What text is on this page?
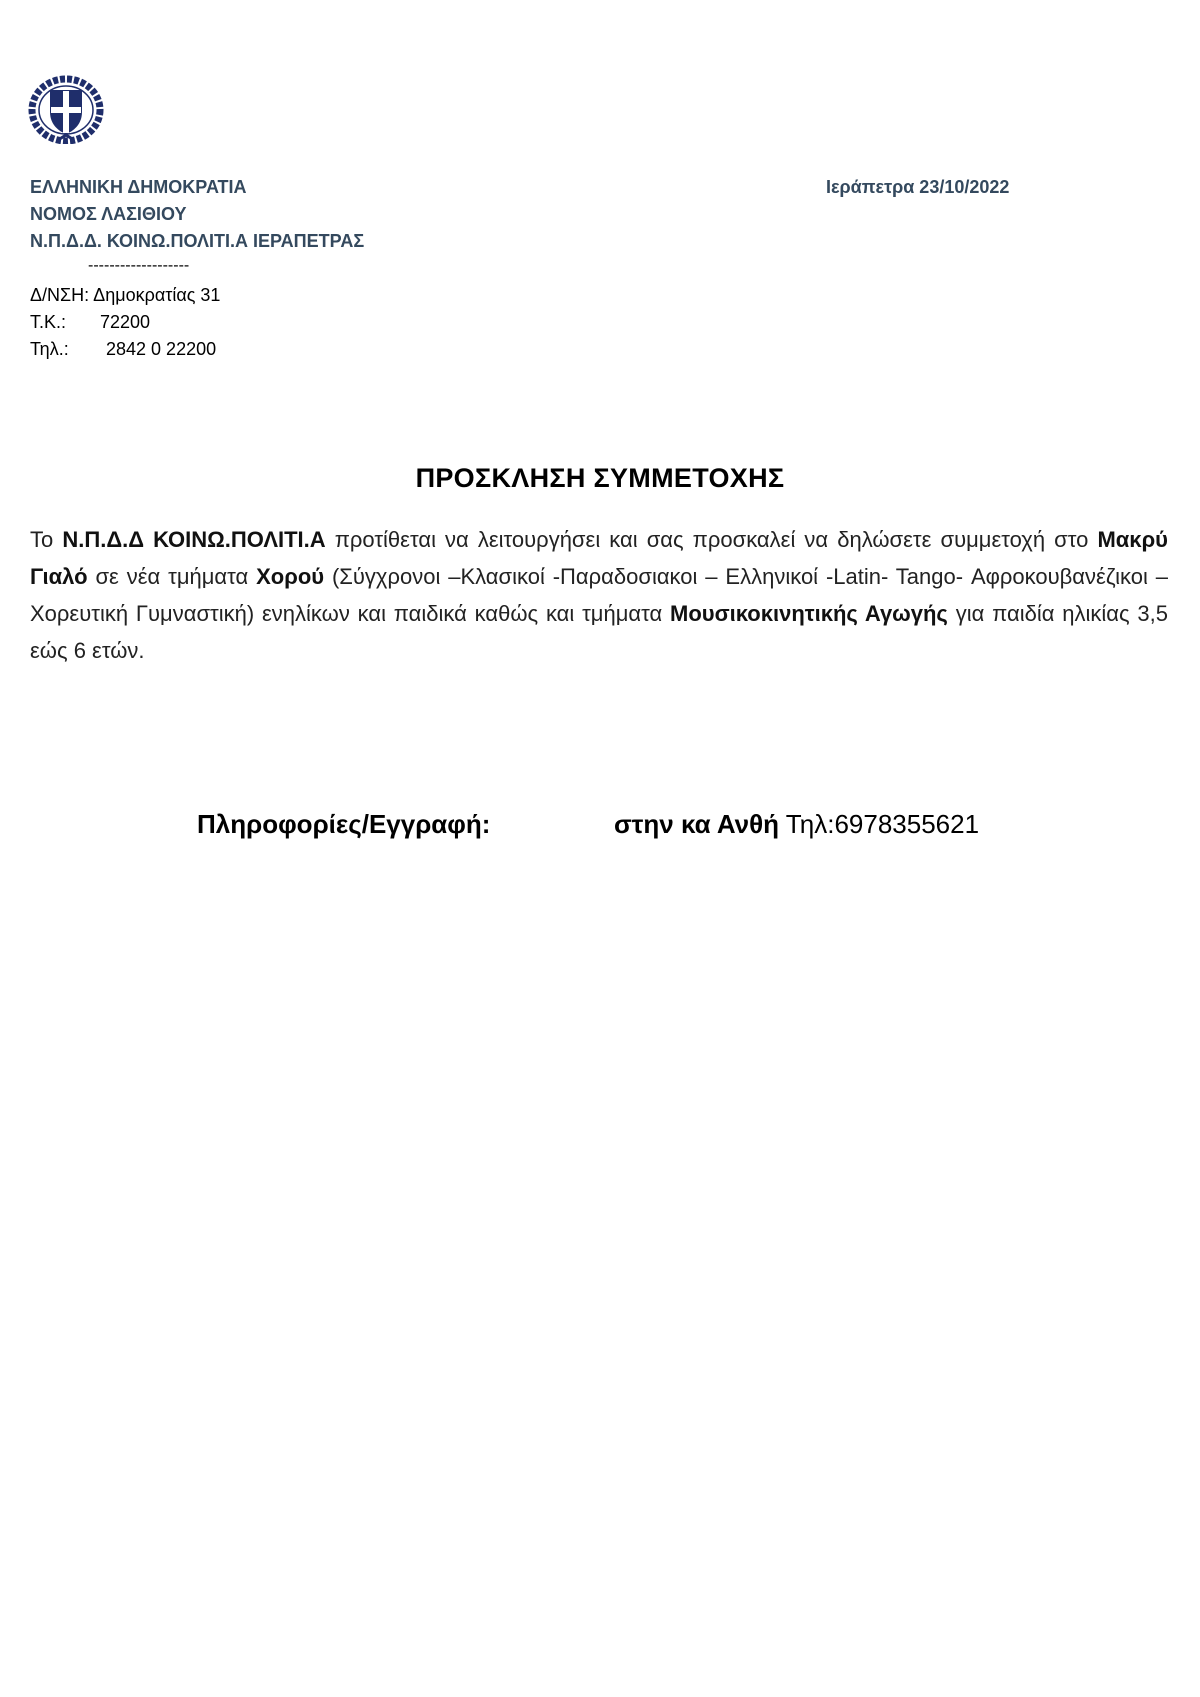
ΕΛΛΗΝΙΚΗ ΔΗΜΟΚΡΑΤΙΑ
ΝΟΜΟΣ ΛΑΣΙΘΙΟΥ
Ν.Π.Δ.Δ. ΚΟΙΝΩ.ΠΟΛΙΤΙ.Α ΙΕΡΑΠΕΤΡΑΣ
Ιεράπετρα 23/10/2022
-------------------
Δ/ΝΣΗ: Δημοκρατίας 31
Τ.Κ.: 72200
Τηλ.: 2842 0 22200
ΠΡΟΣΚΛΗΣΗ ΣΥΜΜΕΤΟΧΗΣ
Το Ν.Π.Δ.Δ ΚΟΙΝΩ.ΠΟΛΙΤΙ.Α προτίθεται να λειτουργήσει και σας προσκαλεί να δηλώσετε συμμετοχή στο Μακρύ Γιαλό σε νέα τμήματα Χορού (Σύγχρονοι –Κλασικοί -Παραδοσιακοι – Ελληνικοί -Latin- Tango- Αφροκουβανέζικοι – Χορευτική Γυμναστική) ενηλίκων και παιδικά καθώς και τμήματα Μουσικοκινητικής Αγωγής για παιδία ηλικίας 3,5 εώς 6 ετών.
Πληροφορίες/Εγγραφή:	στην κα Ανθή Τηλ:6978355621
